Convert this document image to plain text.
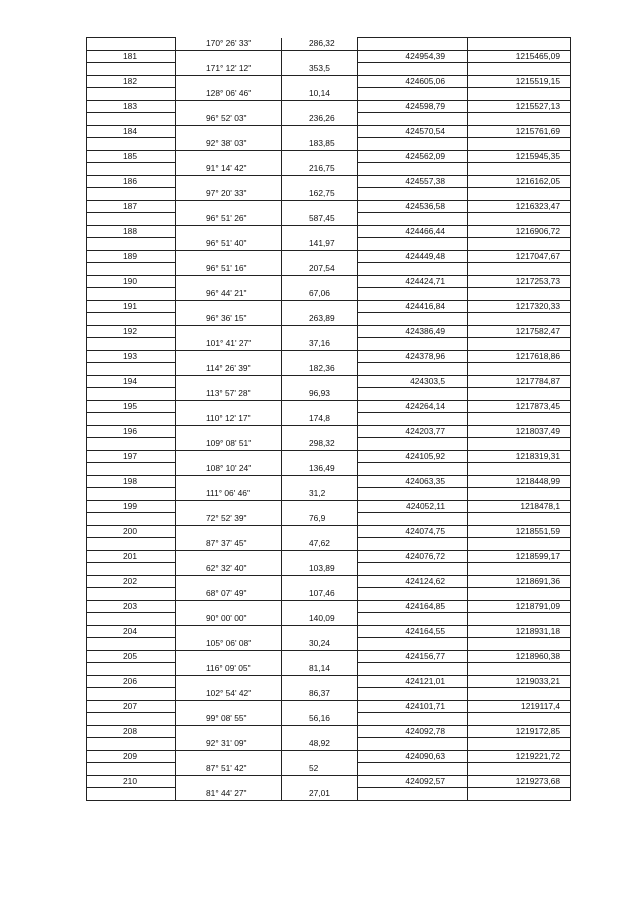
	170° 26' 33"	286,32		
181			424954,39	1215465,09
	171° 12' 12"	353,5		
182			424605,06	1215519,15
	128° 06' 46"	10,14		
183			424598,79	1215527,13
	96° 52' 03"	236,26		
184			424570,54	1215761,69
	92° 38' 03"	183,85		
185			424562,09	1215945,35
	91° 14' 42"	216,75		
186			424557,38	1216162,05
	97° 20' 33"	162,75		
187			424536,58	1216323,47
	96° 51' 26"	587,45		
188			424466,44	1216906,72
	96° 51' 40"	141,97		
189			424449,48	1217047,67
	96° 51' 16"	207,54		
190			424424,71	1217253,73
	96° 44' 21"	67,06		
191			424416,84	1217320,33
	96° 36' 15"	263,89		
192			424386,49	1217582,47
	101° 41' 27"	37,16		
193			424378,96	1217618,86
	114° 26' 39"	182,36		
194			424303,5	1217784,87
	113° 57' 28"	96,93		
195			424264,14	1217873,45
	110° 12' 17"	174,8		
196			424203,77	1218037,49
	109° 08' 51"	298,32		
197			424105,92	1218319,31
	108° 10' 24"	136,49		
198			424063,35	1218448,99
	111° 06' 46"	31,2		
199			424052,11	1218478,1
	72° 52' 39"	76,9		
200			424074,75	1218551,59
	87° 37' 45"	47,62		
201			424076,72	1218599,17
	62° 32' 40"	103,89		
202			424124,62	1218691,36
	68° 07' 49"	107,46		
203			424164,85	1218791,09
	90° 00' 00"	140,09		
204			424164,55	1218931,18
	105° 06' 08"	30,24		
205			424156,77	1218960,38
	116° 09' 05"	81,14		
206			424121,01	1219033,21
	102° 54' 42"	86,37		
207			424101,71	1219117,4
	99° 08' 55"	56,16		
208			424092,78	1219172,85
	92° 31' 09"	48,92		
209			424090,63	1219221,72
	87° 51' 42"	52		
210			424092,57	1219273,68
	81° 44' 27"	27,01		
